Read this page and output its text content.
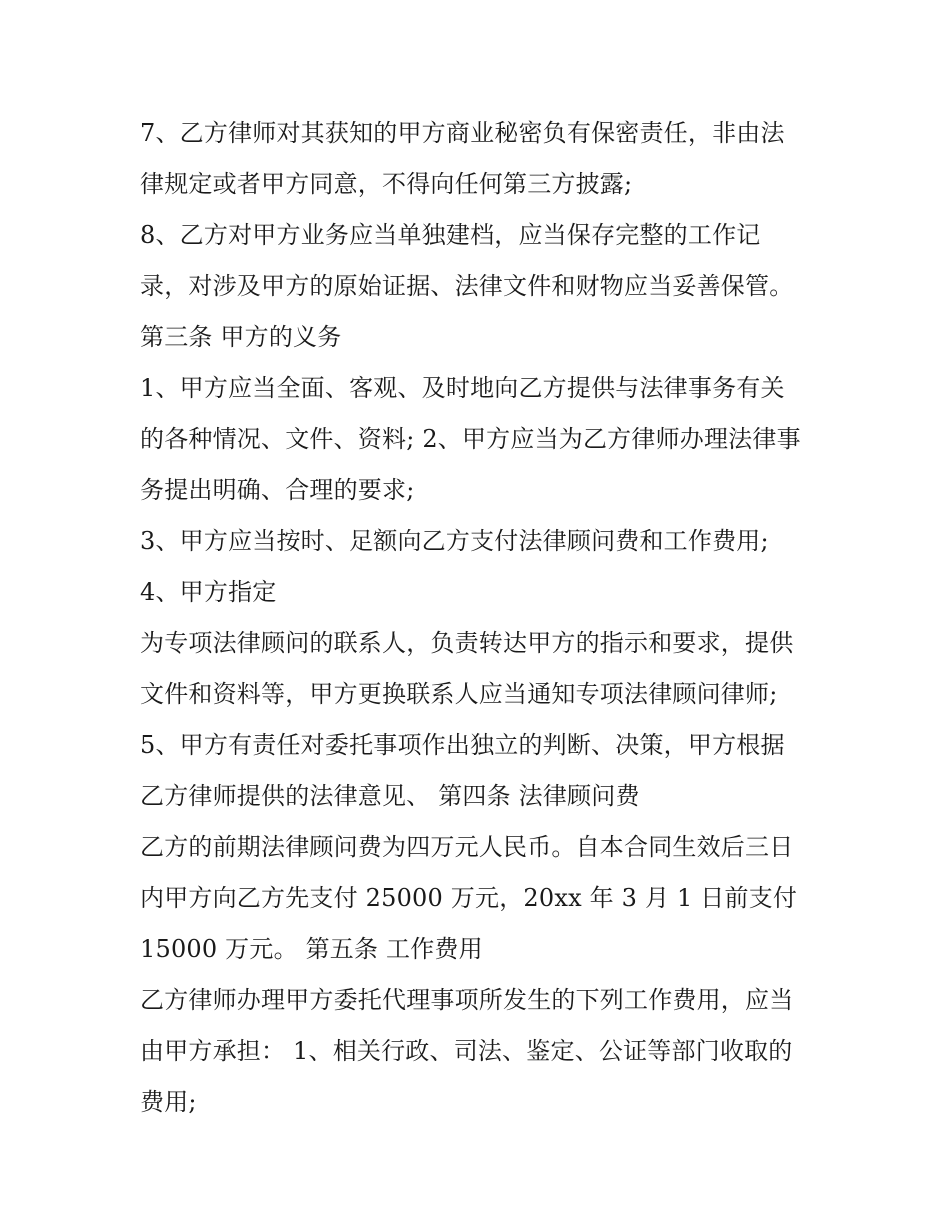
7、乙方律师对其获知的甲方商业秘密负有保密责任，非由法
律规定或者甲方同意，不得向任何第三方披露;
8、乙方对甲方业务应当单独建档，应当保存完整的工作记
录，对涉及甲方的原始证据、法律文件和财物应当妥善保管。
第三条 甲方的义务
1、甲方应当全面、客观、及时地向乙方提供与法律事务有关
的各种情况、文件、资料; 2、甲方应当为乙方律师办理法律事
务提出明确、合理的要求;
3、甲方应当按时、足额向乙方支付法律顾问费和工作费用;
4、甲方指定
为专项法律顾问的联系人，负责转达甲方的指示和要求，提供
文件和资料等，甲方更换联系人应当通知专项法律顾问律师;
5、甲方有责任对委托事项作出独立的判断、决策，甲方根据
乙方律师提供的法律意见、 第四条 法律顾问费
乙方的前期法律顾问费为四万元人民币。自本合同生效后三日
内甲方向乙方先支付 25000 万元，20xx 年 3 月 1 日前支付
15000 万元。 第五条 工作费用
乙方律师办理甲方委托代理事项所发生的下列工作费用，应当
由甲方承担： 1、相关行政、司法、鉴定、公证等部门收取的
费用;
